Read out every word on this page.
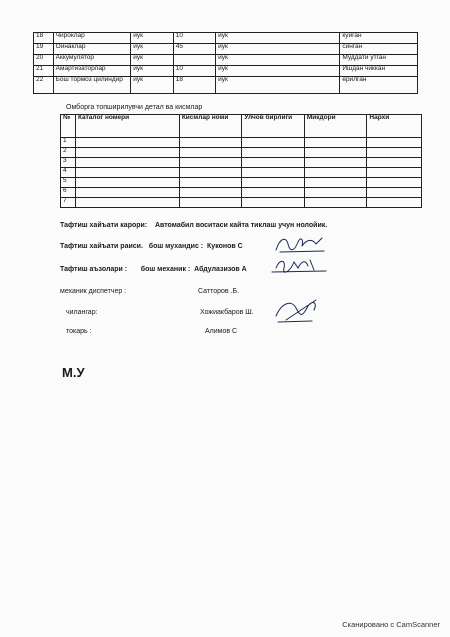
18	Чироклар	йук	10	йук	куйган
19	Ойнаклар	йук	45	йук	синган
20	Аккумулятор	йук		йук	Муддати утган
21	Амартизаторлар	йук	10	йук	Ишдан чиккан
22	Бош тормоз цилиндир	йук	18	йук	ёрилган
Омборга топширилувчи детал ва кисмлар
№	Каталог номери	Кисмлар номи	Улчов бирлиги	Микдори	Нархи
1					
2					
3					
4					
5					
6					
7					
Тафтиш хайъати карори: Автомабил воситаси кайта тиклаш учун нолойик.
Тафтиш хайъати раиси. бош мухандис : Куконов С
Тафтиш аъзолари : бош механик : Абдулазизов А
механик диспетчер :	Сатторов .Б.
чилангар:	Хожиакбаров Ш.
токарь :	Алимов С
М.У
Сканировано с CamScanner
